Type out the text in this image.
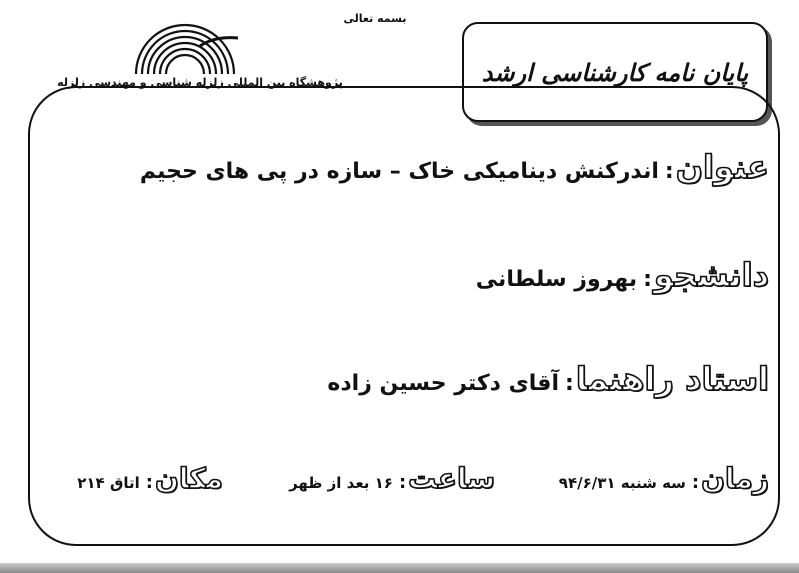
بسمه تعالی
پژوهشگاه بین المللی زلزله شناسی و مهندسی زلزله	پایان نامه کارشناسی ارشد
عنوان
:
اندرکنش دینامیکی خاک – سازه در پی های حجیم
دانشجو
:
بهروز سلطانی
استاد راهنما
:
آقای دکتر حسین زاده
زمان
:
سه شنبه ۹۴/۶/۳۱
ساعت
:
۱۶ بعد از ظهر
مکان
:
اتاق ۲۱۴
